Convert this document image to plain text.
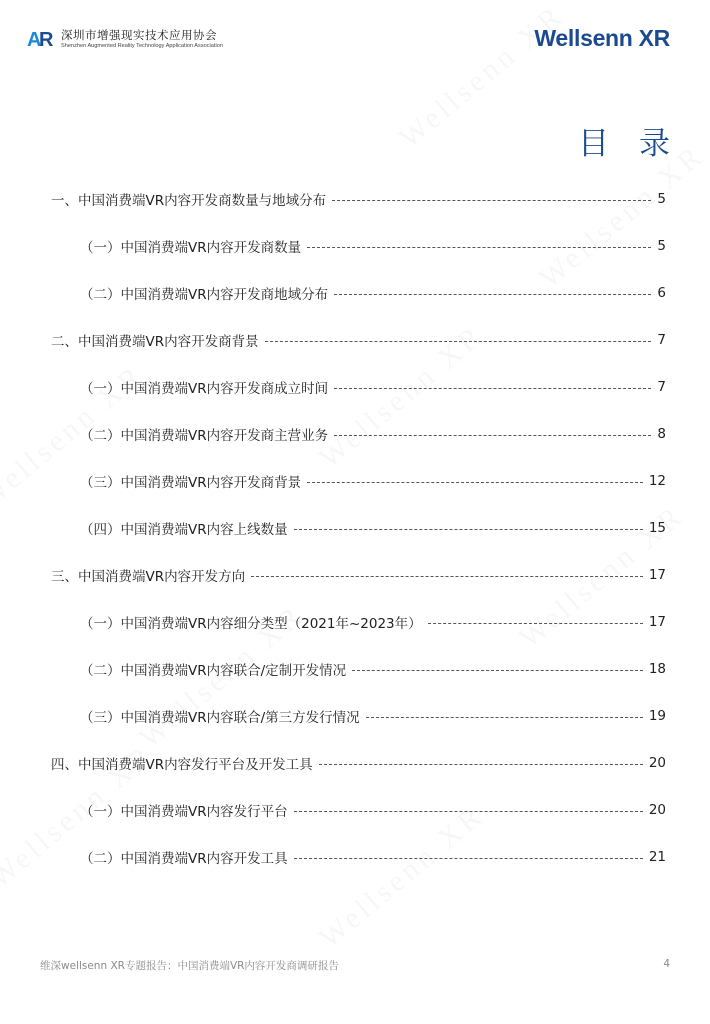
A
R 深圳市增强现实技术应用协会
Shenzhen Augmented Reality Technology Application Association	Wellsenn XR
目录
一、中国消费端VR内容开发商数量与地域分布	5
（一）中国消费端VR内容开发商数量	5
（二）中国消费端VR内容开发商地域分布	6
二、中国消费端VR内容开发商背景	7
（一）中国消费端VR内容开发商成立时间	7
（二）中国消费端VR内容开发商主营业务	8
（三）中国消费端VR内容开发商背景	12
（四）中国消费端VR内容上线数量	15
三、中国消费端VR内容开发方向	17
（一）中国消费端VR内容细分类型（2021年~2023年）	17
（二）中国消费端VR内容联合/定制开发情况	18
（三）中国消费端VR内容联合/第三方发行情况	19
四、中国消费端VR内容发行平台及开发工具	20
（一）中国消费端VR内容发行平台	20
（二）中国消费端VR内容开发工具	21
维深wellsenn XR专题报告：中国消费端VR内容开发商调研报告	4
